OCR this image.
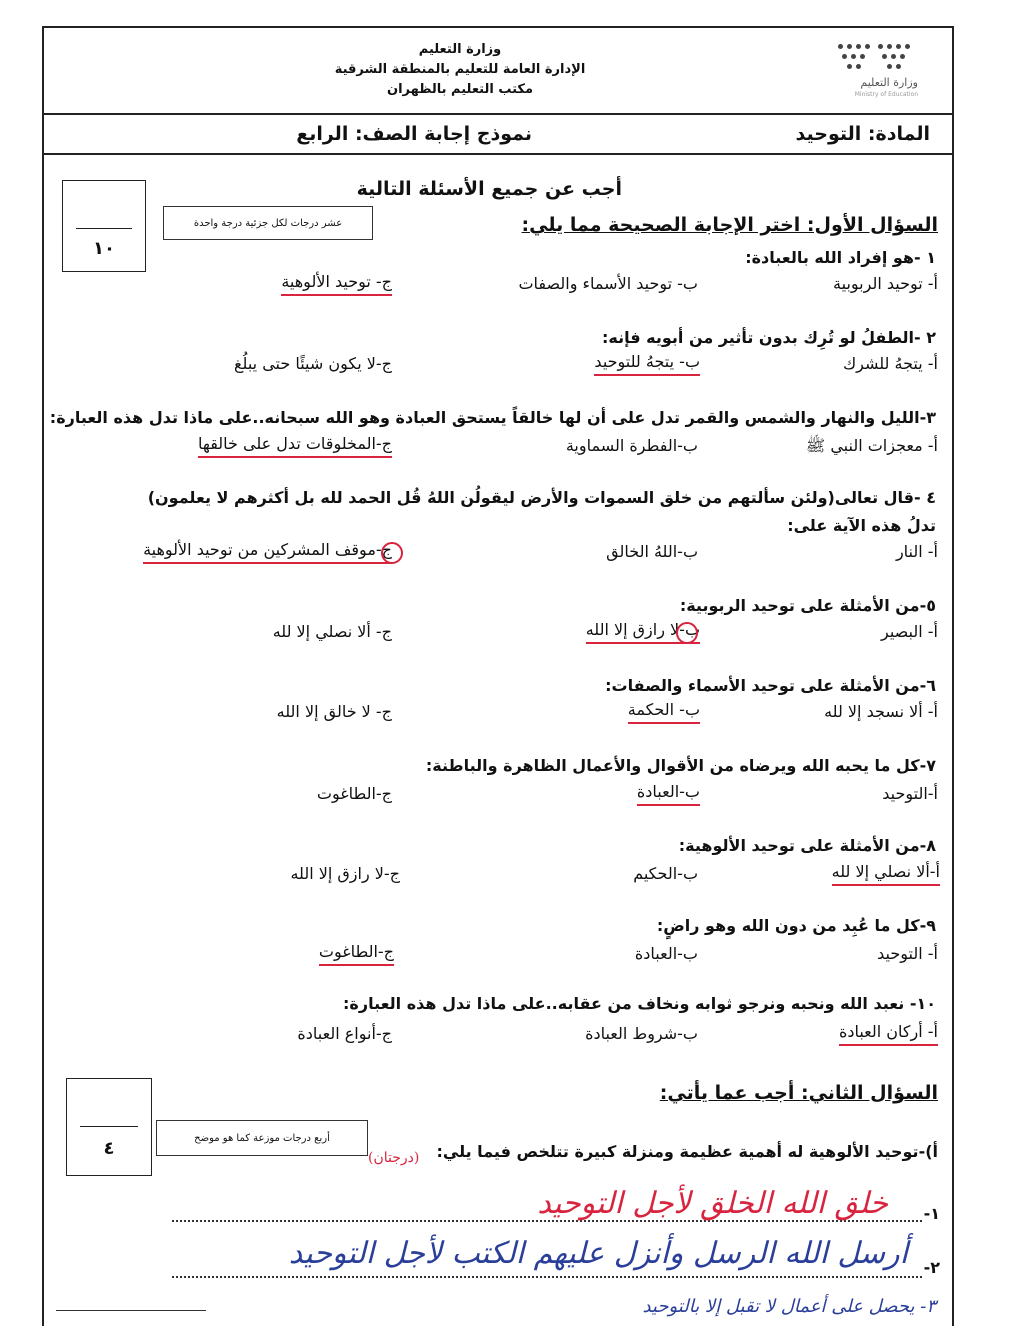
وزارة التعليم
الإدارة العامة للتعليم بالمنطقة الشرقية
مكتب التعليم بالظهران	وزارة التعليم
Ministry of Education
المادة: التوحيد
نموذج إجابة الصف: الرابع
أجب عن جميع الأسئلة التالية
١٠
عشر درجات لكل جزئية درجة واحدة	السؤال الأول: اختر الإجابة الصحيحة مما يلي:
١ -هو إفراد الله بالعبادة:
أ- توحيد الربوبية
ب- توحيد الأسماء والصفات
ج- توحيد الألوهية
٢ -الطفلُ لو تُرِك بدون تأثير من أبويه فإنه:
أ- يتجهُ للشرك
ب- يتجهُ للتوحيد
ج-لا يكون شيئًا حتى يبلُغ
٣-الليل والنهار والشمس والقمر تدل على أن لها خالقاً يستحق العبادة وهو الله سبحانه..على ماذا تدل هذه العبارة:
أ- معجزات النبي ﷺ
ب-الفطرة السماوية
ج-المخلوقات تدل على خالقها
٤ -قال تعالى(ولئن سألتهم من خلق السموات والأرض ليقولُن اللهُ قُل الحمد لله بل أكثرهم لا يعلمون)
تدلُ هذه الآية على:
أ- النار
ب-اللهُ الخالق
ج-موقف المشركين من توحيد الألوهية
٥-من الأمثلة على توحيد الربوبية:
أ- البصير
ب-لا رازق إلا الله
ج- ألا نصلي إلا لله
٦-من الأمثلة على توحيد الأسماء والصفات:
أ- ألا نسجد إلا لله
ب- الحكمة
ج- لا خالق إلا الله
٧-كل ما يحبه الله ويرضاه من الأقوال والأعمال الظاهرة والباطنة:
أ-التوحيد
ب-العبادة
ج-الطاغوت
٨-من الأمثلة على توحيد الألوهية:
أ-ألا نصلي إلا لله
ب-الحكيم
ج-لا رازق إلا الله
٩-كل ما عُبِد من دون الله وهو راضٍ:
أ- التوحيد
ب-العبادة
ج-الطاغوت
١٠- نعبد الله ونحبه ونرجو ثوابه ونخاف من عقابه..على ماذا تدل هذه العبارة:
أ- أركان العبادة
ب-شروط العبادة
ج-أنواع العبادة
٤	أربع درجات موزعة كما هو موضح
السؤال الثاني: أجب عما يأتي:
أ)-توحيد الألوهية له أهمية عظيمة ومنزلة كبيرة تتلخص فيما يلي:
(درجتان)
١-
خلق الله الخلق لأجل التوحيد
٢-
أرسل الله الرسل وأنزل عليهم الكتب لأجل التوحيد
٣- يحصل على أعمال لا تقبل إلا بالتوحيد
